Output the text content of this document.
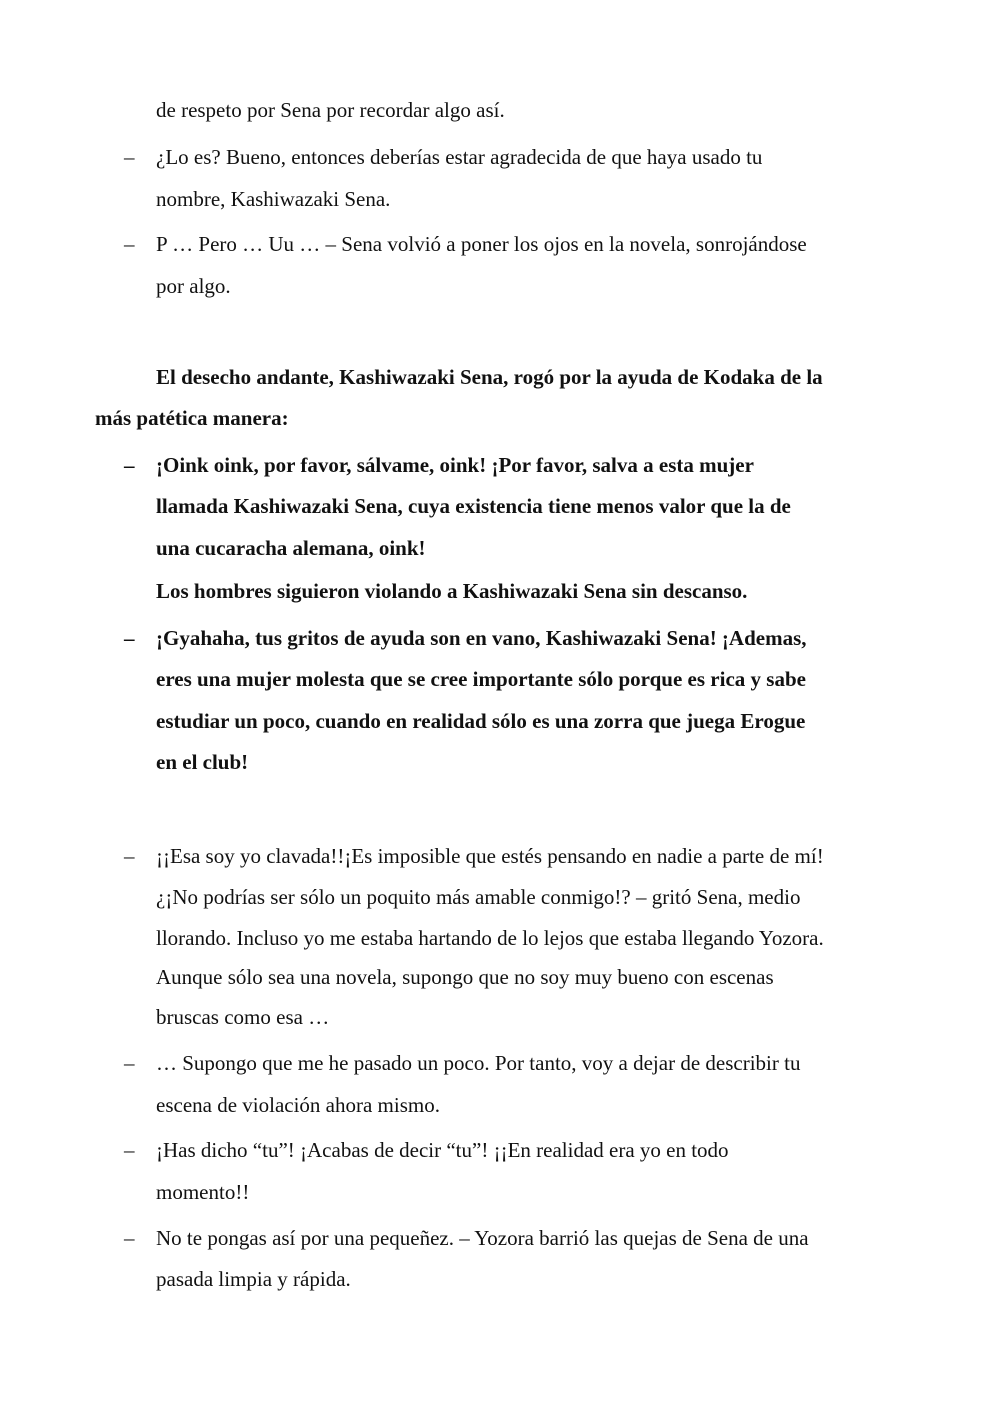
de respeto por Sena por recordar algo así.
– ¿Lo es? Bueno, entonces deberías estar agradecida de que haya usado tu
nombre, Kashiwazaki Sena.
– P … Pero … Uu … – Sena volvió a poner los ojos en la novela, sonrojándose
por algo.
El desecho andante, Kashiwazaki Sena, rogó por la ayuda de Kodaka de la
más patética manera:
– ¡Oink oink, por favor, sálvame, oink! ¡Por favor, salva a esta mujer
llamada Kashiwazaki Sena, cuya existencia tiene menos valor que la de
una cucaracha alemana, oink!
Los hombres siguieron violando a Kashiwazaki Sena sin descanso.
– ¡Gyahaha, tus gritos de ayuda son en vano, Kashiwazaki Sena! ¡Ademas,
eres una mujer molesta que se cree importante sólo porque es rica y sabe
estudiar un poco, cuando en realidad sólo es una zorra que juega Erogue
en el club!
– ¡¡Esa soy yo clavada!!¡Es imposible que estés pensando en nadie a parte de mí!
¿¡No podrías ser sólo un poquito más amable conmigo!? – gritó Sena, medio
llorando. Incluso yo me estaba hartando de lo lejos que estaba llegando Yozora.
Aunque sólo sea una novela, supongo que no soy muy bueno con escenas
bruscas como esa …
– … Supongo que me he pasado un poco. Por tanto, voy a dejar de describir tu
escena de violación ahora mismo.
– ¡Has dicho “tu”! ¡Acabas de decir “tu”! ¡¡En realidad era yo en todo
momento!!
– No te pongas así por una pequeñez. – Yozora barrió las quejas de Sena de una
pasada limpia y rápida.
